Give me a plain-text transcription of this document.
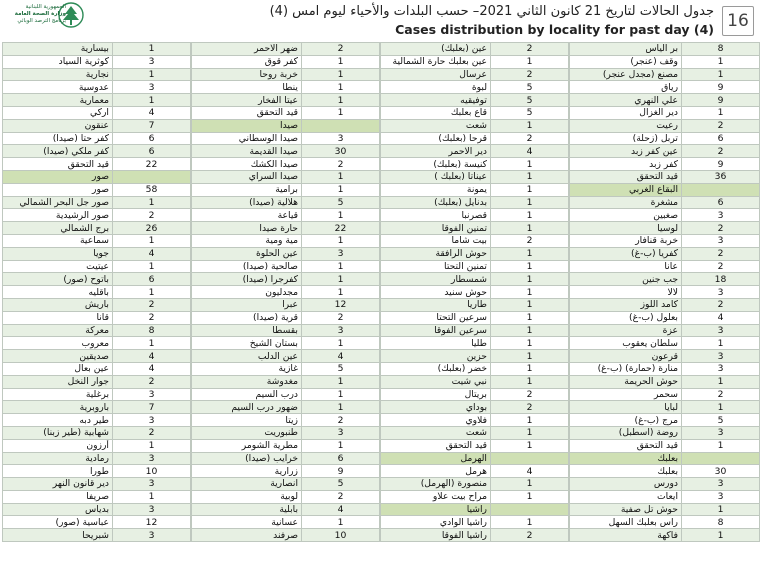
16
جدول الحالات لتاريخ 21 كانون الثاني 2021– حسب البلدات والأحياء ليوم امس (4)
Cases distribution by locality for past day (4)
الجمهورية اللبنانية
وزارة الصحة العامة
برنامج الترصد الوبائي
بر الياس	8
وقف (عنجر)	1
مصنع (مجدل عنجر)	1
رياق	9
علي النهري	9
دير الغزال	1
رعيت	2
تربل (زحلة)	6
عين كفر زبد	2
كفر زبد	9
قيد التحقق	36
البقاع الغربي	
مشغرة	6
صغبين	3
لوسيا	2
خربة قنافار	3
كفريا (ب-غ)	2
عانا	2
جب جنين	18
لالا	3
كامد اللوز	2
بعلول (ب-غ)	4
عزة	3
سلطان يعقوب	1
قرعون	3
منارة (حمارة) (ب-غ)	3
حوش الحريمة	1
سحمر	2
لبايا	1
مرج (ب-غ)	5
روضة (اسطبل)	3
قيد التحقق	1
بعلبك	
بعلبك	30
دورس	3
ايعات	3
حوش تل صفية	1
راس بعلبك السهل	8
فاكهة	1
عين (بعلبك)	2
عين بعلبك حارة الشمالية	1
عرسال	2
لبوة	5
توفيقيه	5
قاع بعلبك	5
شعت	1
قرحا (بعلبك)	2
دير الاحمر	4
كنيسة (بعلبك)	1
عيناتا (بعلبك )	1
يمونة	1
بدنايل (بعلبك)	1
قصرنبا	1
تمنين الفوقا	1
بيت شاما	2
حوش الرافقة	1
تمنين التحتا	1
شمسطار	1
حوش سنيد	1
طاريا	1
سرعين التحتا	1
سرعين الفوقا	1
طليا	1
حزين	1
خضر (بعلبك)	1
نبي شيت	1
بريتال	2
بوداي	2
فلاوي	1
شعت	1
قيد التحقق	1
الهرمل	
هرمل	4
منصورة (الهرمل)	1
مراح بيت علاو	1
راشيا	
راشيا الوادي	1
راشيا الفوقا	2
ضهر الاحمر	2
كفر قوق	1
خربة روحا	1
ينطا	1
عيتا الفخار	1
قيد التحقق	1
صيدا	
صيدا الوسطاني	3
صيدا القديمة	30
صيدا الكشك	2
صيدا السراي	1
برامية	1
هلالية (صيدا)	5
قياعة	1
حارة صيدا	22
مية ومية	1
عين الحلوة	3
صالحية (صيدا)	1
كفرجرا (صيدا)	1
مجدليون	1
عبرا	12
قرية (صيدا)	2
بقسطا	3
بستان الشيخ	1
عين الدلب	4
غازية	5
مغدوشة	1
درب السيم	1
ضهور درب السيم	1
زيتا	2
طنبوريت	3
مطرية الشومر	1
خرايب (صيدا)	6
زرارية	9
انصارية	5
لوبية	2
بابلية	4
عسانية	1
صرفند	10
بيسارية	1
كوثرية السياد	3
نجارية	1
عدوسية	3
معمارية	1
اركي	4
عنقون	7
كفر حتا (صيدا)	6
كفر ملكي (صيدا)	6
قيد التحقق	22
صور	
صور	58
صور جل البحر الشمالي	1
صور الرشيدية	2
برج الشمالي	26
سماعية	1
جويا	4
عيتيت	1
باتوح (صور)	6
باقليه	1
باريش	2
قانا	2
معركة	8
معروب	1
صديقين	4
عين بعال	4
جوار النخل	2
برغلية	3
باروبرية	7
طير دبه	3
شهابية (طير زبنا)	2
أرزون	1
رمادية	3
طورا	10
دير قانون النهر	3
صريفا	1
بدياس	3
عباسية (صور)	12
شبريحا	3
